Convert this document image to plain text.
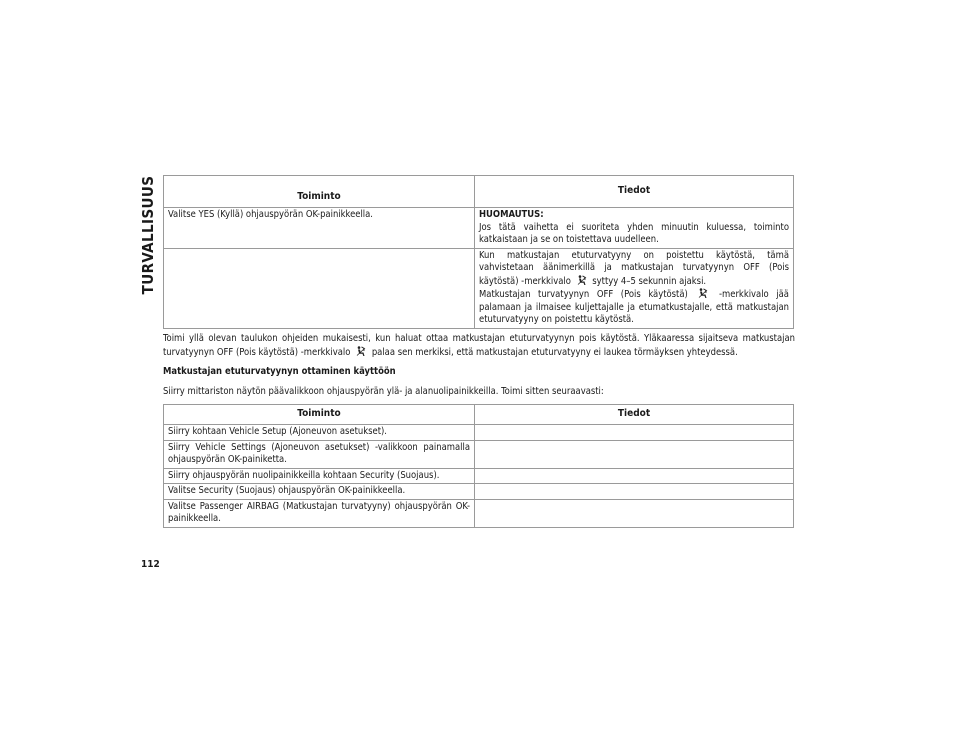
TURVALLISUUS	Toiminto	Tiedot
Valitse YES (Kyllä) ohjauspyörän OK-painikkeella.	HUOMAUTUS:
Jos tätä vaihetta ei suoriteta yhden minuutin kuluessa, toiminto katkaistaan ja se on toistettava uudelleen.
	Kun matkustajan etuturvatyyny on poistettu käytöstä, tämä vahvistetaan äänimerkillä ja matkustajan turvatyynyn OFF (Pois käytöstä) -merkkivalo syttyy 4–5 sekunnin ajaksi.
Matkustajan turvatyynyn OFF (Pois käytöstä) -merkkivalo jää palamaan ja ilmaisee kuljettajalle ja etumatkustajalle, että matkustajan etuturvatyyny on poistettu käytöstä.
Toimi yllä olevan taulukon ohjeiden mukaisesti, kun haluat ottaa matkustajan etuturvatyynyn pois käytöstä. Yläkaaressa sijaitseva matkustajan turvatyynyn OFF (Pois käytöstä) -merkkivalo palaa sen merkiksi, että matkustajan etuturvatyyny ei laukea törmäyksen yhteydessä.
Matkustajan etuturvatyynyn ottaminen käyttöön
Siirry mittariston näytön päävalikkoon ohjauspyörän ylä- ja alanuolipainikkeilla. Toimi sitten seuraavasti:
Toiminto	Tiedot
Siirry kohtaan Vehicle Setup (Ajoneuvon asetukset).	
Siirry Vehicle Settings (Ajoneuvon asetukset) -valikkoon painamalla ohjauspyörän OK-painiketta.	
Siirry ohjauspyörän nuolipainikkeilla kohtaan Security (Suojaus).	
Valitse Security (Suojaus) ohjauspyörän OK-painikkeella.	
Valitse Passenger AIRBAG (Matkustajan turvatyyny) ohjauspyörän OK-painikkeella.	
112
